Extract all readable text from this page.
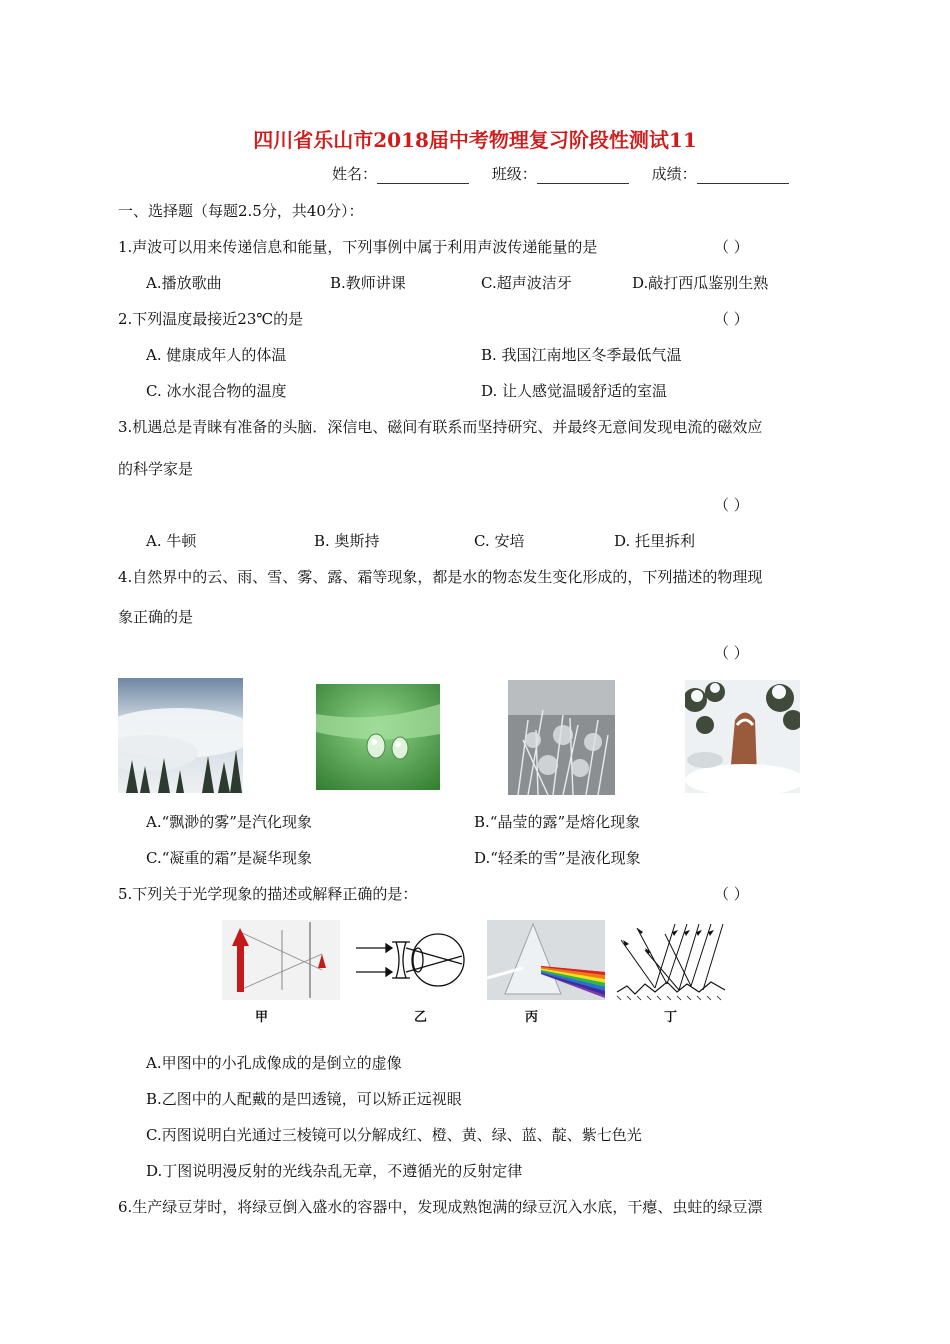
四川省乐山市2018届中考物理复习阶段性测试11
姓名：	班级：	成绩：
一、选择题（每题2.5分，共40分）：
1.声波可以用来传递信息和能量，下列事例中属于利用声波传递能量的是	（ ）
A.播放歌曲	B.教师讲课	C.超声波洁牙	D.敲打西瓜鉴别生熟
2.下列温度最接近23℃的是	（ ）
A. 健康成年人的体温	B. 我国江南地区冬季最低气温
C. 冰水混合物的温度	D. 让人感觉温暖舒适的室温
3.机遇总是青睐有准备的头脑．深信电、磁间有联系而坚持研究、并最终无意间发现电流的磁效应
的科学家是
（ ）
A. 牛顿	B. 奥斯持	C. 安培	D. 托里拆利
4.自然界中的云、雨、雪、雾、露、霜等现象，都是水的物态发生变化形成的，下列描述的物理现
象正确的是
（ ）
A.“飘渺的雾”是汽化现象	B.“晶莹的露”是熔化现象
C.“凝重的霜”是凝华现象	D.“轻柔的雪”是液化现象
5.下列关于光学现象的描述或解释正确的是：	（ ）
甲	乙	丙	丁
A.甲图中的小孔成像成的是倒立的虚像
B.乙图中的人配戴的是凹透镜，可以矫正远视眼
C.丙图说明白光通过三棱镜可以分解成红、橙、黄、绿、蓝、靛、紫七色光
D.丁图说明漫反射的光线杂乱无章，不遵循光的反射定律
6.生产绿豆芽时，将绿豆倒入盛水的容器中，发现成熟饱满的绿豆沉入水底，干瘪、虫蛀的绿豆漂
